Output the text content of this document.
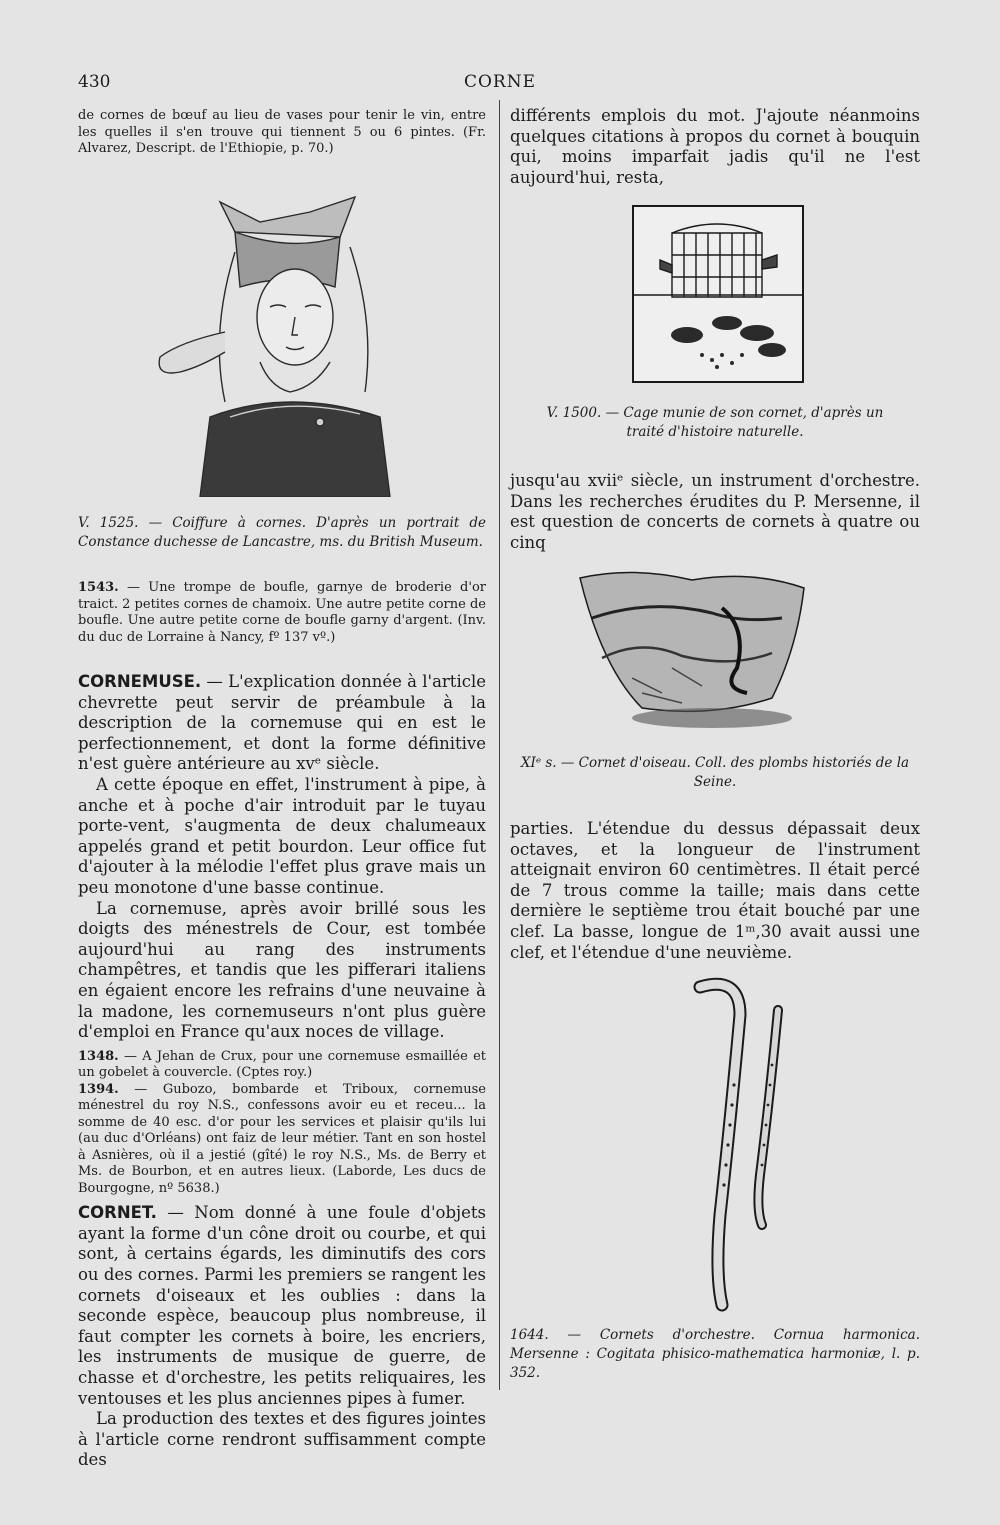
430	CORNE

de cornes de bœuf au lieu de vases pour tenir le vin, entre les quelles il s'en trouve qui tiennent 5 ou 6 pintes. (Fr. Alvarez, Descript. de l'Ethiopie, p. 70.)

V. 1525. — Coiffure à cornes. D'après un portrait de Constance duchesse de Lancastre, ms. du British Museum.

1543. — Une trompe de boufle, garnye de broderie d'or traict. 2 petites cornes de chamoix. Une autre petite corne de boufle. Une autre petite corne de boufle garny d'argent. (Inv. du duc de Lorraine à Nancy, fº 137 vº.)

CORNEMUSE. — L'explication donnée à l'article chevrette peut servir de préambule à la description de la cornemuse qui en est le perfectionnement, et dont la forme définitive n'est guère antérieure au xvᵉ siècle.

A cette époque en effet, l'instrument à pipe, à anche et à poche d'air introduit par le tuyau porte-vent, s'augmenta de deux chalumeaux appelés grand et petit bourdon. Leur office fut d'ajouter à la mélodie l'effet plus grave mais un peu monotone d'une basse continue.

La cornemuse, après avoir brillé sous les doigts des ménestrels de Cour, est tombée aujourd'hui au rang des instruments champêtres, et tandis que les pifferari italiens en égaient encore les refrains d'une neuvaine à la madone, les cornemuseurs n'ont plus guère d'emploi en France qu'aux noces de village.

1348. — A Jehan de Crux, pour une cornemuse esmaillée et un gobelet à couvercle. (Cptes roy.)

1394. — Gubozo, bombarde et Triboux, cornemuse ménestrel du roy N.S., confessons avoir eu et receu... la somme de 40 esc. d'or pour les services et plaisir qu'ils lui (au duc d'Orléans) ont faiz de leur métier. Tant en son hostel à Asnières, où il a jestié (gîté) le roy N.S., Ms. de Berry et Ms. de Bourbon, et en autres lieux. (Laborde, Les ducs de Bourgogne, nº 5638.)

CORNET. — Nom donné à une foule d'objets ayant la forme d'un cône droit ou courbe, et qui sont, à certains égards, les diminutifs des cors ou des cornes. Parmi les premiers se rangent les cornets d'oiseaux et les oublies : dans la seconde espèce, beaucoup plus nombreuse, il faut compter les cornets à boire, les encriers, les instruments de musique de guerre, de chasse et d'orchestre, les petits reliquaires, les ventouses et les plus anciennes pipes à fumer.

La production des textes et des figures jointes à l'article corne rendront suffisamment compte des

différents emplois du mot. J'ajoute néanmoins quelques citations à propos du cornet à bouquin qui, moins imparfait jadis qu'il ne l'est aujourd'hui, resta,

V. 1500. — Cage munie de son cornet, d'après un traité d'histoire naturelle.

jusqu'au xviiᵉ siècle, un instrument d'orchestre. Dans les recherches érudites du P. Mersenne, il est question de concerts de cornets à quatre ou cinq

XIᵉ s. — Cornet d'oiseau. Coll. des plombs historiés de la Seine.

parties. L'étendue du dessus dépassait deux octaves, et la longueur de l'instrument atteignait environ 60 centimètres. Il était percé de 7 trous comme la taille; mais dans cette dernière le septième trou était bouché par une clef. La basse, longue de 1ᵐ,30 avait aussi une clef, et l'étendue d'une neuvième.

1644. — Cornets d'orchestre. Cornua harmonica. Mersenne : Cogitata phisico-mathematica harmoniæ, l. p. 352.
